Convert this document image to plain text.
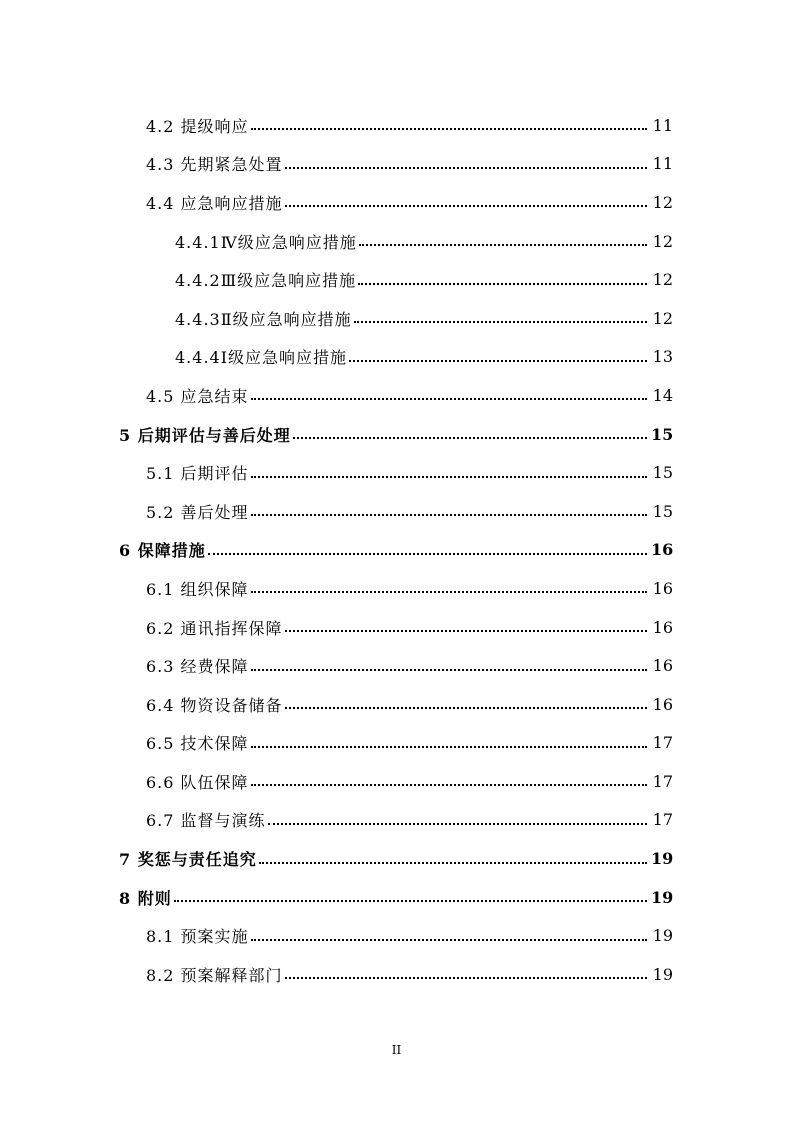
4.2 提级响应	11
4.3 先期紧急处置	11
4.4 应急响应措施	12
4.4.1Ⅳ级应急响应措施	12
4.4.2Ⅲ级应急响应措施	12
4.4.3Ⅱ级应急响应措施	12
4.4.4Ⅰ级应急响应措施	13
4.5 应急结束	14
5 后期评估与善后处理	15
5.1 后期评估	15
5.2 善后处理	15
6 保障措施	16
6.1 组织保障	16
6.2 通讯指挥保障	16
6.3 经费保障	16
6.4 物资设备储备	16
6.5 技术保障	17
6.6 队伍保障	17
6.7 监督与演练	17
7 奖惩与责任追究	19
8 附则	19
8.1 预案实施	19
8.2 预案解释部门	19
II
